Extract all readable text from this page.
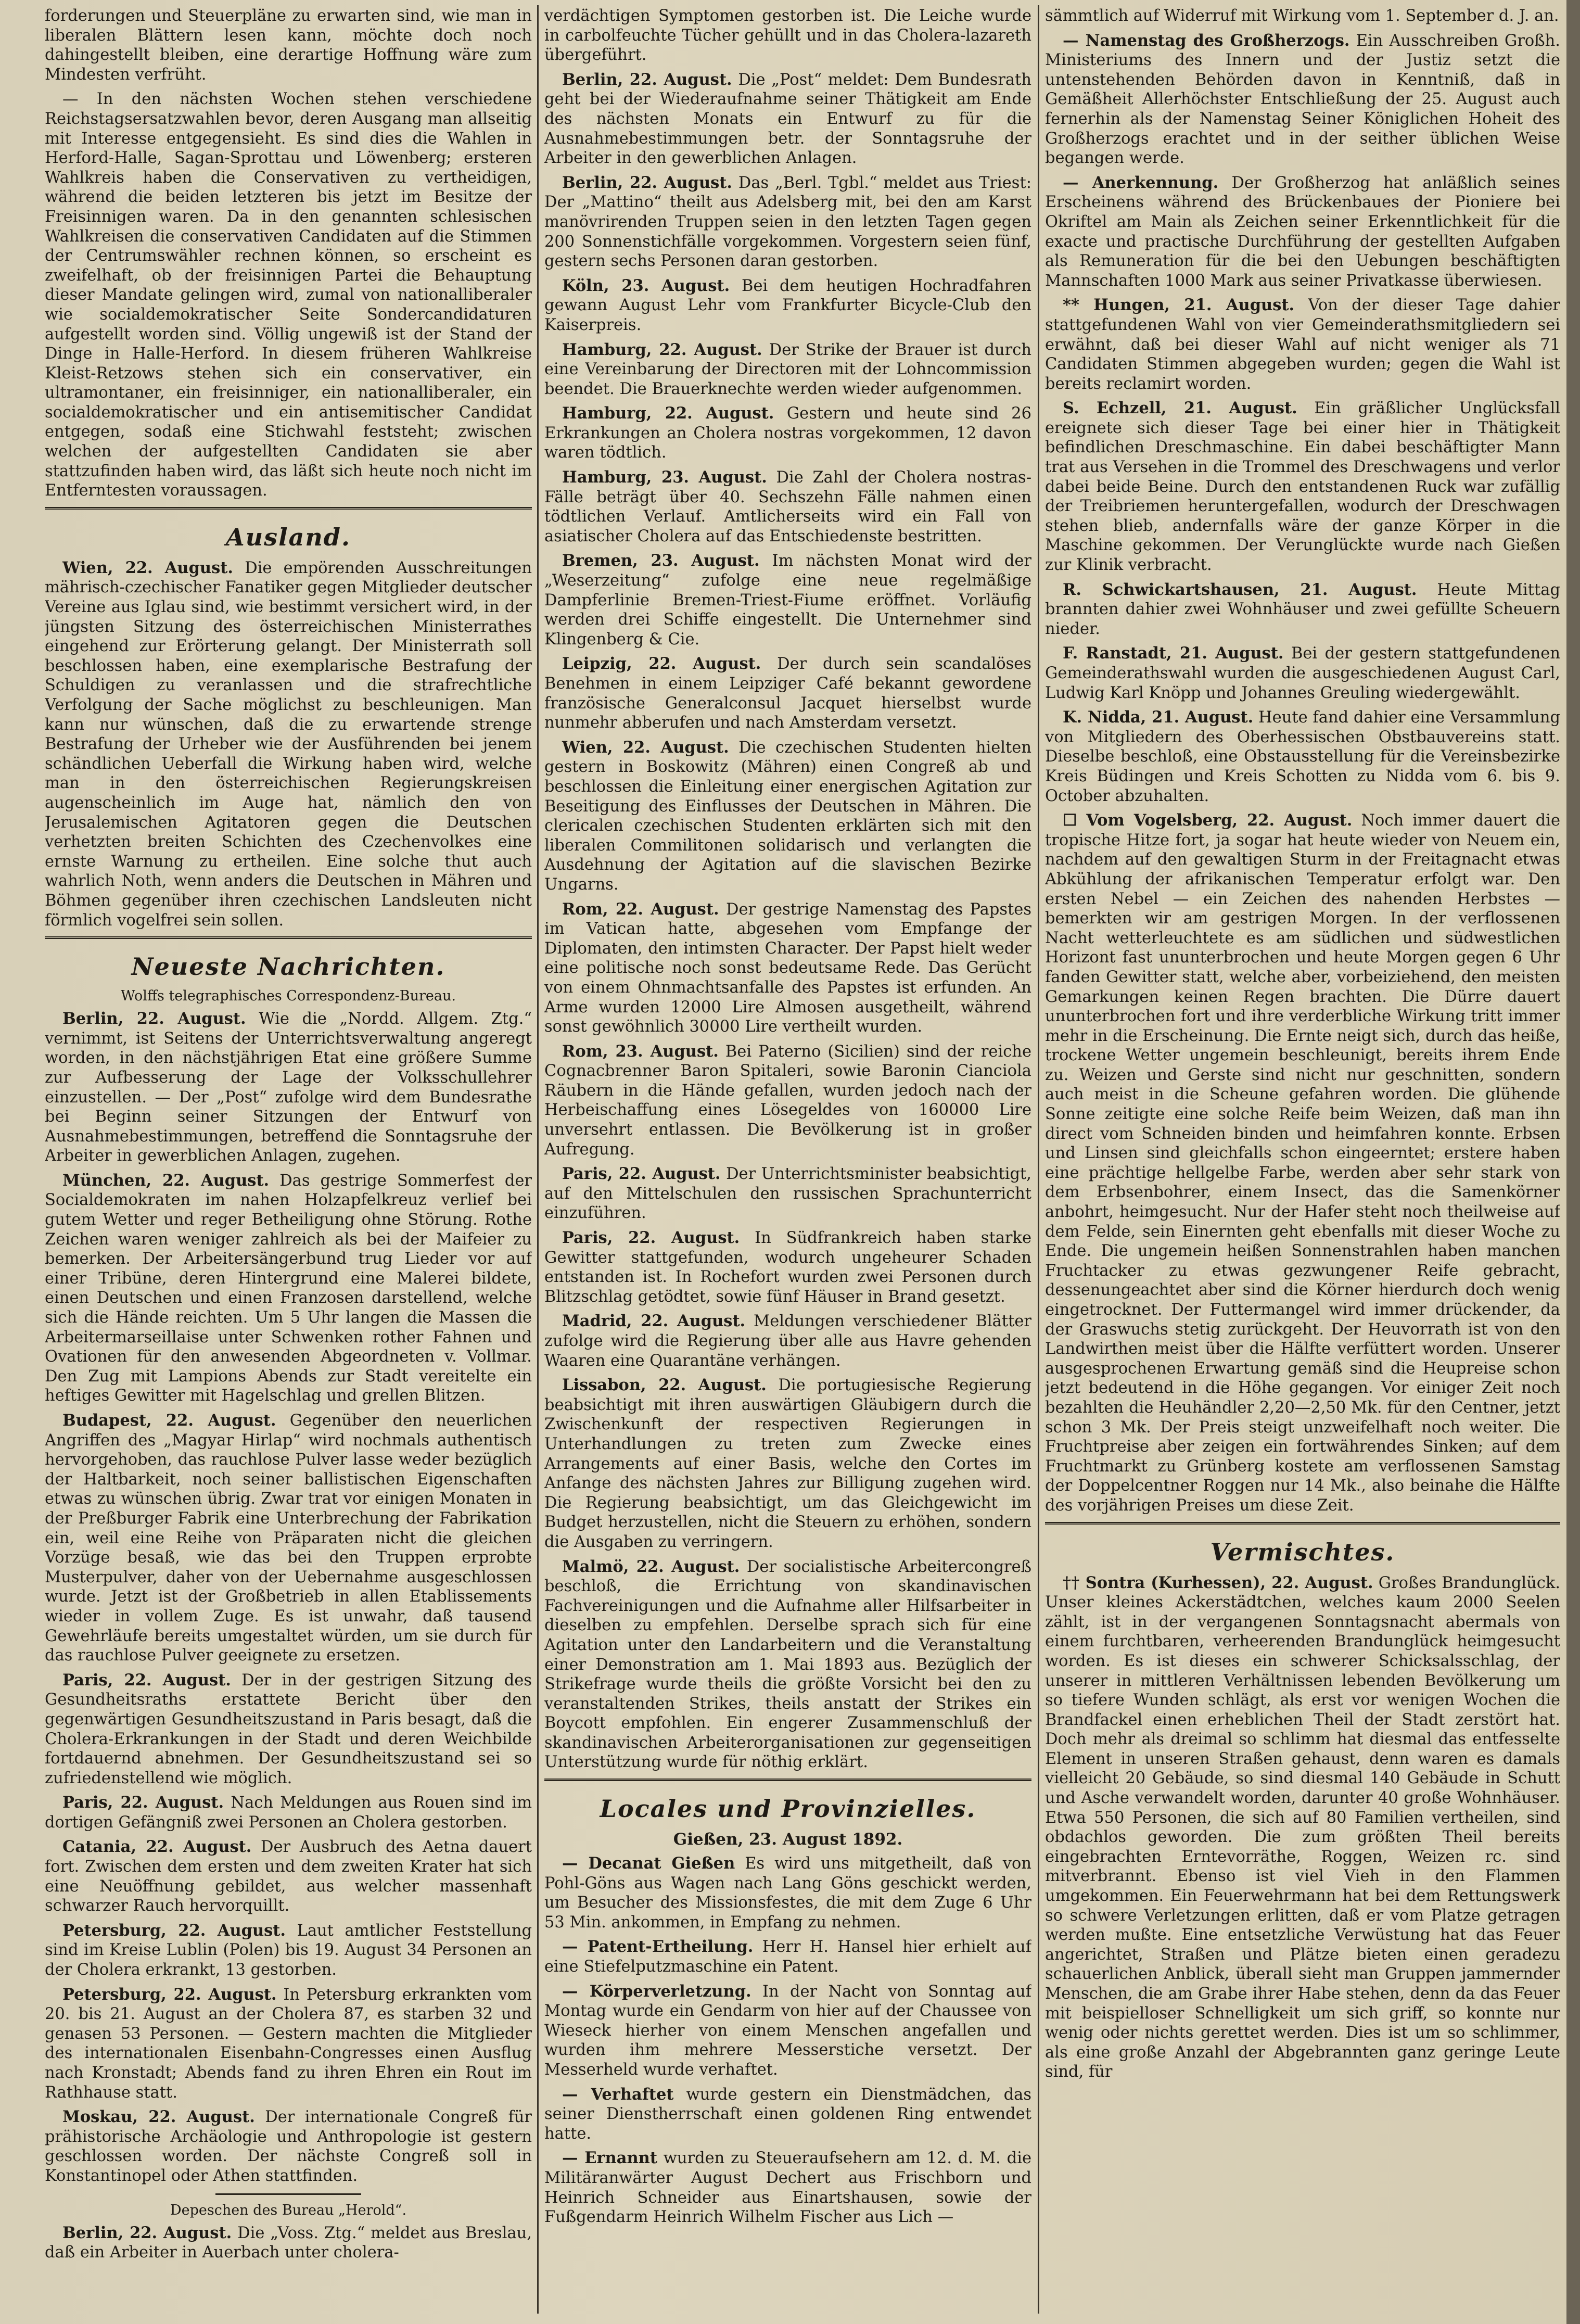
forderungen und Steuerpläne zu erwarten sind, wie man in liberalen Blättern lesen kann, möchte doch noch dahingestellt bleiben, eine derartige Hoffnung wäre zum Mindesten verfrüht.

— In den nächsten Wochen stehen verschiedene Reichstagsersatzwahlen bevor, deren Ausgang man allseitig mit Interesse entgegensieht. Es sind dies die Wahlen in Herford-Halle, Sagan-Sprottau und Löwenberg; ersteren Wahlkreis haben die Conservativen zu vertheidigen, während die beiden letzteren bis jetzt im Besitze der Freisinnigen waren. Da in den genannten schlesischen Wahlkreisen die conservativen Candidaten auf die Stimmen der Centrumswähler rechnen können, so erscheint es zweifelhaft, ob der freisinnigen Partei die Behauptung dieser Mandate gelingen wird, zumal von nationalliberaler wie socialdemokratischer Seite Sondercandidaturen aufgestellt worden sind. Völlig ungewiß ist der Stand der Dinge in Halle-Herford. In diesem früheren Wahlkreise Kleist-Retzows stehen sich ein conservativer, ein ultramontaner, ein freisinniger, ein nationalliberaler, ein socialdemokratischer und ein antisemitischer Candidat entgegen, sodaß eine Stichwahl feststeht; zwischen welchen der aufgestellten Candidaten sie aber stattzufinden haben wird, das läßt sich heute noch nicht im Entferntesten voraussagen.

Ausland.

Wien, 22. August. Die empörenden Ausschreitungen mährisch-czechischer Fanatiker gegen Mitglieder deutscher Vereine aus Iglau sind, wie bestimmt versichert wird, in der jüngsten Sitzung des österreichischen Ministerrathes eingehend zur Erörterung gelangt. Der Ministerrath soll beschlossen haben, eine exemplarische Bestrafung der Schuldigen zu veranlassen und die strafrechtliche Verfolgung der Sache möglichst zu beschleunigen. Man kann nur wünschen, daß die zu erwartende strenge Bestrafung der Urheber wie der Ausführenden bei jenem schändlichen Ueberfall die Wirkung haben wird, welche man in den österreichischen Regierungskreisen augenscheinlich im Auge hat, nämlich den von Jerusalemischen Agitatoren gegen die Deutschen verhetzten breiten Schichten des Czechenvolkes eine ernste Warnung zu ertheilen. Eine solche thut auch wahrlich Noth, wenn anders die Deutschen in Mähren und Böhmen gegenüber ihren czechischen Landsleuten nicht förmlich vogelfrei sein sollen.

Neueste Nachrichten.
Wolffs telegraphisches Correspondenz-Bureau.

Berlin, 22. August. Wie die „Nordd. Allgem. Ztg.“ vernimmt, ist Seitens der Unterrichtsverwaltung angeregt worden, in den nächstjährigen Etat eine größere Summe zur Aufbesserung der Lage der Volksschullehrer einzustellen. — Der „Post“ zufolge wird dem Bundesrathe bei Beginn seiner Sitzungen der Entwurf von Ausnahmebestimmungen, betreffend die Sonntagsruhe der Arbeiter in gewerblichen Anlagen, zugehen.

München, 22. August. Das gestrige Sommerfest der Socialdemokraten im nahen Holzapfelkreuz verlief bei gutem Wetter und reger Betheiligung ohne Störung. Rothe Zeichen waren weniger zahlreich als bei der Maifeier zu bemerken. Der Arbeitersängerbund trug Lieder vor auf einer Tribüne, deren Hintergrund eine Malerei bildete, einen Deutschen und einen Franzosen darstellend, welche sich die Hände reichten. Um 5 Uhr langen die Massen die Arbeitermarseillaise unter Schwenken rother Fahnen und Ovationen für den anwesenden Abgeordneten v. Vollmar. Den Zug mit Lampions Abends zur Stadt vereitelte ein heftiges Gewitter mit Hagelschlag und grellen Blitzen.

Budapest, 22. August. Gegenüber den neuerlichen Angriffen des „Magyar Hirlap“ wird nochmals authentisch hervorgehoben, das rauchlose Pulver lasse weder bezüglich der Haltbarkeit, noch seiner ballistischen Eigenschaften etwas zu wünschen übrig. Zwar trat vor einigen Monaten in der Preßburger Fabrik eine Unterbrechung der Fabrikation ein, weil eine Reihe von Präparaten nicht die gleichen Vorzüge besaß, wie das bei den Truppen erprobte Musterpulver, daher von der Uebernahme ausgeschlossen wurde. Jetzt ist der Großbetrieb in allen Etablissements wieder in vollem Zuge. Es ist unwahr, daß tausend Gewehrläufe bereits umgestaltet würden, um sie durch für das rauchlose Pulver geeignete zu ersetzen.

Paris, 22. August. Der in der gestrigen Sitzung des Gesundheitsraths erstattete Bericht über den gegenwärtigen Gesundheitszustand in Paris besagt, daß die Cholera-Erkrankungen in der Stadt und deren Weichbilde fortdauernd abnehmen. Der Gesundheitszustand sei so zufriedenstellend wie möglich.

Paris, 22. August. Nach Meldungen aus Rouen sind im dortigen Gefängniß zwei Personen an Cholera gestorben.

Catania, 22. August. Der Ausbruch des Aetna dauert fort. Zwischen dem ersten und dem zweiten Krater hat sich eine Neuöffnung gebildet, aus welcher massenhaft schwarzer Rauch hervorquillt.

Petersburg, 22. August. Laut amtlicher Feststellung sind im Kreise Lublin (Polen) bis 19. August 34 Personen an der Cholera erkrankt, 13 gestorben.

Petersburg, 22. August. In Petersburg erkrankten vom 20. bis 21. August an der Cholera 87, es starben 32 und genasen 53 Personen. — Gestern machten die Mitglieder des internationalen Eisenbahn-Congresses einen Ausflug nach Kronstadt; Abends fand zu ihren Ehren ein Rout im Rathhause statt.

Moskau, 22. August. Der internationale Congreß für prähistorische Archäologie und Anthropologie ist gestern geschlossen worden. Der nächste Congreß soll in Konstantinopel oder Athen stattfinden.

Depeschen des Bureau „Herold“.

Berlin, 22. August. Die „Voss. Ztg.“ meldet aus Breslau, daß ein Arbeiter in Auerbach unter cholera-

verdächtigen Symptomen gestorben ist. Die Leiche wurde in carbolfeuchte Tücher gehüllt und in das Cholera-lazareth übergeführt.

Berlin, 22. August. Die „Post“ meldet: Dem Bundesrath geht bei der Wiederaufnahme seiner Thätigkeit am Ende des nächsten Monats ein Entwurf zu für die Ausnahmebestimmungen betr. der Sonntagsruhe der Arbeiter in den gewerblichen Anlagen.

Berlin, 22. August. Das „Berl. Tgbl.“ meldet aus Triest: Der „Mattino“ theilt aus Adelsberg mit, bei den am Karst manövrirenden Truppen seien in den letzten Tagen gegen 200 Sonnenstichfälle vorgekommen. Vorgestern seien fünf, gestern sechs Personen daran gestorben.

Köln, 23. August. Bei dem heutigen Hochradfahren gewann August Lehr vom Frankfurter Bicycle-Club den Kaiserpreis.

Hamburg, 22. August. Der Strike der Brauer ist durch eine Vereinbarung der Directoren mit der Lohncommission beendet. Die Brauerknechte werden wieder aufgenommen.

Hamburg, 22. August. Gestern und heute sind 26 Erkrankungen an Cholera nostras vorgekommen, 12 davon waren tödtlich.

Hamburg, 23. August. Die Zahl der Cholera nostras-Fälle beträgt über 40. Sechszehn Fälle nahmen einen tödtlichen Verlauf. Amtlicherseits wird ein Fall von asiatischer Cholera auf das Entschiedenste bestritten.

Bremen, 23. August. Im nächsten Monat wird der „Weserzeitung“ zufolge eine neue regelmäßige Dampferlinie Bremen-Triest-Fiume eröffnet. Vorläufig werden drei Schiffe eingestellt. Die Unternehmer sind Klingenberg & Cie.

Leipzig, 22. August. Der durch sein scandalöses Benehmen in einem Leipziger Café bekannt gewordene französische Generalconsul Jacquet hierselbst wurde nunmehr abberufen und nach Amsterdam versetzt.

Wien, 22. August. Die czechischen Studenten hielten gestern in Boskowitz (Mähren) einen Congreß ab und beschlossen die Einleitung einer energischen Agitation zur Beseitigung des Einflusses der Deutschen in Mähren. Die clericalen czechischen Studenten erklärten sich mit den liberalen Commilitonen solidarisch und verlangten die Ausdehnung der Agitation auf die slavischen Bezirke Ungarns.

Rom, 22. August. Der gestrige Namenstag des Papstes im Vatican hatte, abgesehen vom Empfange der Diplomaten, den intimsten Character. Der Papst hielt weder eine politische noch sonst bedeutsame Rede. Das Gerücht von einem Ohnmachtsanfalle des Papstes ist erfunden. An Arme wurden 12000 Lire Almosen ausgetheilt, während sonst gewöhnlich 30000 Lire vertheilt wurden.

Rom, 23. August. Bei Paterno (Sicilien) sind der reiche Cognacbrenner Baron Spitaleri, sowie Baronin Cianciola Räubern in die Hände gefallen, wurden jedoch nach der Herbeischaffung eines Lösegeldes von 160000 Lire unversehrt entlassen. Die Bevölkerung ist in großer Aufregung.

Paris, 22. August. Der Unterrichtsminister beabsichtigt, auf den Mittelschulen den russischen Sprachunterricht einzuführen.

Paris, 22. August. In Südfrankreich haben starke Gewitter stattgefunden, wodurch ungeheurer Schaden entstanden ist. In Rochefort wurden zwei Personen durch Blitzschlag getödtet, sowie fünf Häuser in Brand gesetzt.

Madrid, 22. August. Meldungen verschiedener Blätter zufolge wird die Regierung über alle aus Havre gehenden Waaren eine Quarantäne verhängen.

Lissabon, 22. August. Die portugiesische Regierung beabsichtigt mit ihren auswärtigen Gläubigern durch die Zwischenkunft der respectiven Regierungen in Unterhandlungen zu treten zum Zwecke eines Arrangements auf einer Basis, welche den Cortes im Anfange des nächsten Jahres zur Billigung zugehen wird. Die Regierung beabsichtigt, um das Gleichgewicht im Budget herzustellen, nicht die Steuern zu erhöhen, sondern die Ausgaben zu verringern.

Malmö, 22. August. Der socialistische Arbeitercongreß beschloß, die Errichtung von skandinavischen Fachvereinigungen und die Aufnahme aller Hilfsarbeiter in dieselben zu empfehlen. Derselbe sprach sich für eine Agitation unter den Landarbeitern und die Veranstaltung einer Demonstration am 1. Mai 1893 aus. Bezüglich der Strikefrage wurde theils die größte Vorsicht bei den zu veranstaltenden Strikes, theils anstatt der Strikes ein Boycott empfohlen. Ein engerer Zusammenschluß der skandinavischen Arbeiterorganisationen zur gegenseitigen Unterstützung wurde für nöthig erklärt.

Locales und Provinzielles.
Gießen, 23. August 1892.

— Decanat Gießen Es wird uns mitgetheilt, daß von Pohl-Göns aus Wagen nach Lang Göns geschickt werden, um Besucher des Missionsfestes, die mit dem Zuge 6 Uhr 53 Min. ankommen, in Empfang zu nehmen.

— Patent-Ertheilung. Herr H. Hansel hier erhielt auf eine Stiefelputzmaschine ein Patent.

— Körperverletzung. In der Nacht von Sonntag auf Montag wurde ein Gendarm von hier auf der Chaussee von Wieseck hierher von einem Menschen angefallen und wurden ihm mehrere Messerstiche versetzt. Der Messerheld wurde verhaftet.

— Verhaftet wurde gestern ein Dienstmädchen, das seiner Dienstherrschaft einen goldenen Ring entwendet hatte.

— Ernannt wurden zu Steueraufsehern am 12. d. M. die Militäranwärter August Dechert aus Frischborn und Heinrich Schneider aus Einartshausen, sowie der Fußgendarm Heinrich Wilhelm Fischer aus Lich —

sämmtlich auf Widerruf mit Wirkung vom 1. September d. J. an.

— Namenstag des Großherzogs. Ein Ausschreiben Großh. Ministeriums des Innern und der Justiz setzt die untenstehenden Behörden davon in Kenntniß, daß in Gemäßheit Allerhöchster Entschließung der 25. August auch fernerhin als der Namenstag Seiner Königlichen Hoheit des Großherzogs erachtet und in der seither üblichen Weise begangen werde.

— Anerkennung. Der Großherzog hat anläßlich seines Erscheinens während des Brückenbaues der Pioniere bei Okriftel am Main als Zeichen seiner Erkenntlichkeit für die exacte und practische Durchführung der gestellten Aufgaben als Remuneration für die bei den Uebungen beschäftigten Mannschaften 1000 Mark aus seiner Privatkasse überwiesen.

** Hungen, 21. August. Von der dieser Tage dahier stattgefundenen Wahl von vier Gemeinderathsmitgliedern sei erwähnt, daß bei dieser Wahl auf nicht weniger als 71 Candidaten Stimmen abgegeben wurden; gegen die Wahl ist bereits reclamirt worden.

S. Echzell, 21. August. Ein gräßlicher Unglücksfall ereignete sich dieser Tage bei einer hier in Thätigkeit befindlichen Dreschmaschine. Ein dabei beschäftigter Mann trat aus Versehen in die Trommel des Dreschwagens und verlor dabei beide Beine. Durch den entstandenen Ruck war zufällig der Treibriemen heruntergefallen, wodurch der Dreschwagen stehen blieb, andernfalls wäre der ganze Körper in die Maschine gekommen. Der Verunglückte wurde nach Gießen zur Klinik verbracht.

R. Schwickartshausen, 21. August. Heute Mittag brannten dahier zwei Wohnhäuser und zwei gefüllte Scheuern nieder.

F. Ranstadt, 21. August. Bei der gestern stattgefundenen Gemeinderathswahl wurden die ausgeschiedenen August Carl, Ludwig Karl Knöpp und Johannes Greuling wiedergewählt.

K. Nidda, 21. August. Heute fand dahier eine Versammlung von Mitgliedern des Oberhessischen Obstbauvereins statt. Dieselbe beschloß, eine Obstausstellung für die Vereinsbezirke Kreis Büdingen und Kreis Schotten zu Nidda vom 6. bis 9. October abzuhalten.

☐ Vom Vogelsberg, 22. August. Noch immer dauert die tropische Hitze fort, ja sogar hat heute wieder von Neuem ein, nachdem auf den gewaltigen Sturm in der Freitagnacht etwas Abkühlung der afrikanischen Temperatur erfolgt war. Den ersten Nebel — ein Zeichen des nahenden Herbstes — bemerkten wir am gestrigen Morgen. In der verflossenen Nacht wetterleuchtete es am südlichen und südwestlichen Horizont fast ununterbrochen und heute Morgen gegen 6 Uhr fanden Gewitter statt, welche aber, vorbeiziehend, den meisten Gemarkungen keinen Regen brachten. Die Dürre dauert ununterbrochen fort und ihre verderbliche Wirkung tritt immer mehr in die Erscheinung. Die Ernte neigt sich, durch das heiße, trockene Wetter ungemein beschleunigt, bereits ihrem Ende zu. Weizen und Gerste sind nicht nur geschnitten, sondern auch meist in die Scheune gefahren worden. Die glühende Sonne zeitigte eine solche Reife beim Weizen, daß man ihn direct vom Schneiden binden und heimfahren konnte. Erbsen und Linsen sind gleichfalls schon eingeerntet; erstere haben eine prächtige hellgelbe Farbe, werden aber sehr stark von dem Erbsenbohrer, einem Insect, das die Samenkörner anbohrt, heimgesucht. Nur der Hafer steht noch theilweise auf dem Felde, sein Einernten geht ebenfalls mit dieser Woche zu Ende. Die ungemein heißen Sonnenstrahlen haben manchen Fruchtacker zu etwas gezwungener Reife gebracht, dessenungeachtet aber sind die Körner hierdurch doch wenig eingetrocknet. Der Futtermangel wird immer drückender, da der Graswuchs stetig zurückgeht. Der Heuvorrath ist von den Landwirthen meist über die Hälfte verfüttert worden. Unserer ausgesprochenen Erwartung gemäß sind die Heupreise schon jetzt bedeutend in die Höhe gegangen. Vor einiger Zeit noch bezahlten die Heuhändler 2,20—2,50 Mk. für den Centner, jetzt schon 3 Mk. Der Preis steigt unzweifelhaft noch weiter. Die Fruchtpreise aber zeigen ein fortwährendes Sinken; auf dem Fruchtmarkt zu Grünberg kostete am verflossenen Samstag der Doppelcentner Roggen nur 14 Mk., also beinahe die Hälfte des vorjährigen Preises um diese Zeit.

Vermischtes.

†† Sontra (Kurhessen), 22. August. Großes Brandunglück. Unser kleines Ackerstädtchen, welches kaum 2000 Seelen zählt, ist in der vergangenen Sonntagsnacht abermals von einem furchtbaren, verheerenden Brandunglück heimgesucht worden. Es ist dieses ein schwerer Schicksalsschlag, der unserer in mittleren Verhältnissen lebenden Bevölkerung um so tiefere Wunden schlägt, als erst vor wenigen Wochen die Brandfackel einen erheblichen Theil der Stadt zerstört hat. Doch mehr als dreimal so schlimm hat diesmal das entfesselte Element in unseren Straßen gehaust, denn waren es damals vielleicht 20 Gebäude, so sind diesmal 140 Gebäude in Schutt und Asche verwandelt worden, darunter 40 große Wohnhäuser. Etwa 550 Personen, die sich auf 80 Familien vertheilen, sind obdachlos geworden. Die zum größten Theil bereits eingebrachten Erntevorräthe, Roggen, Weizen rc. sind mitverbrannt. Ebenso ist viel Vieh in den Flammen umgekommen. Ein Feuerwehrmann hat bei dem Rettungswerk so schwere Verletzungen erlitten, daß er vom Platze getragen werden mußte. Eine entsetzliche Verwüstung hat das Feuer angerichtet, Straßen und Plätze bieten einen geradezu schauerlichen Anblick, überall sieht man Gruppen jammernder Menschen, die am Grabe ihrer Habe stehen, denn da das Feuer mit beispielloser Schnelligkeit um sich griff, so konnte nur wenig oder nichts gerettet werden. Dies ist um so schlimmer, als eine große Anzahl der Abgebrannten ganz geringe Leute sind, für
